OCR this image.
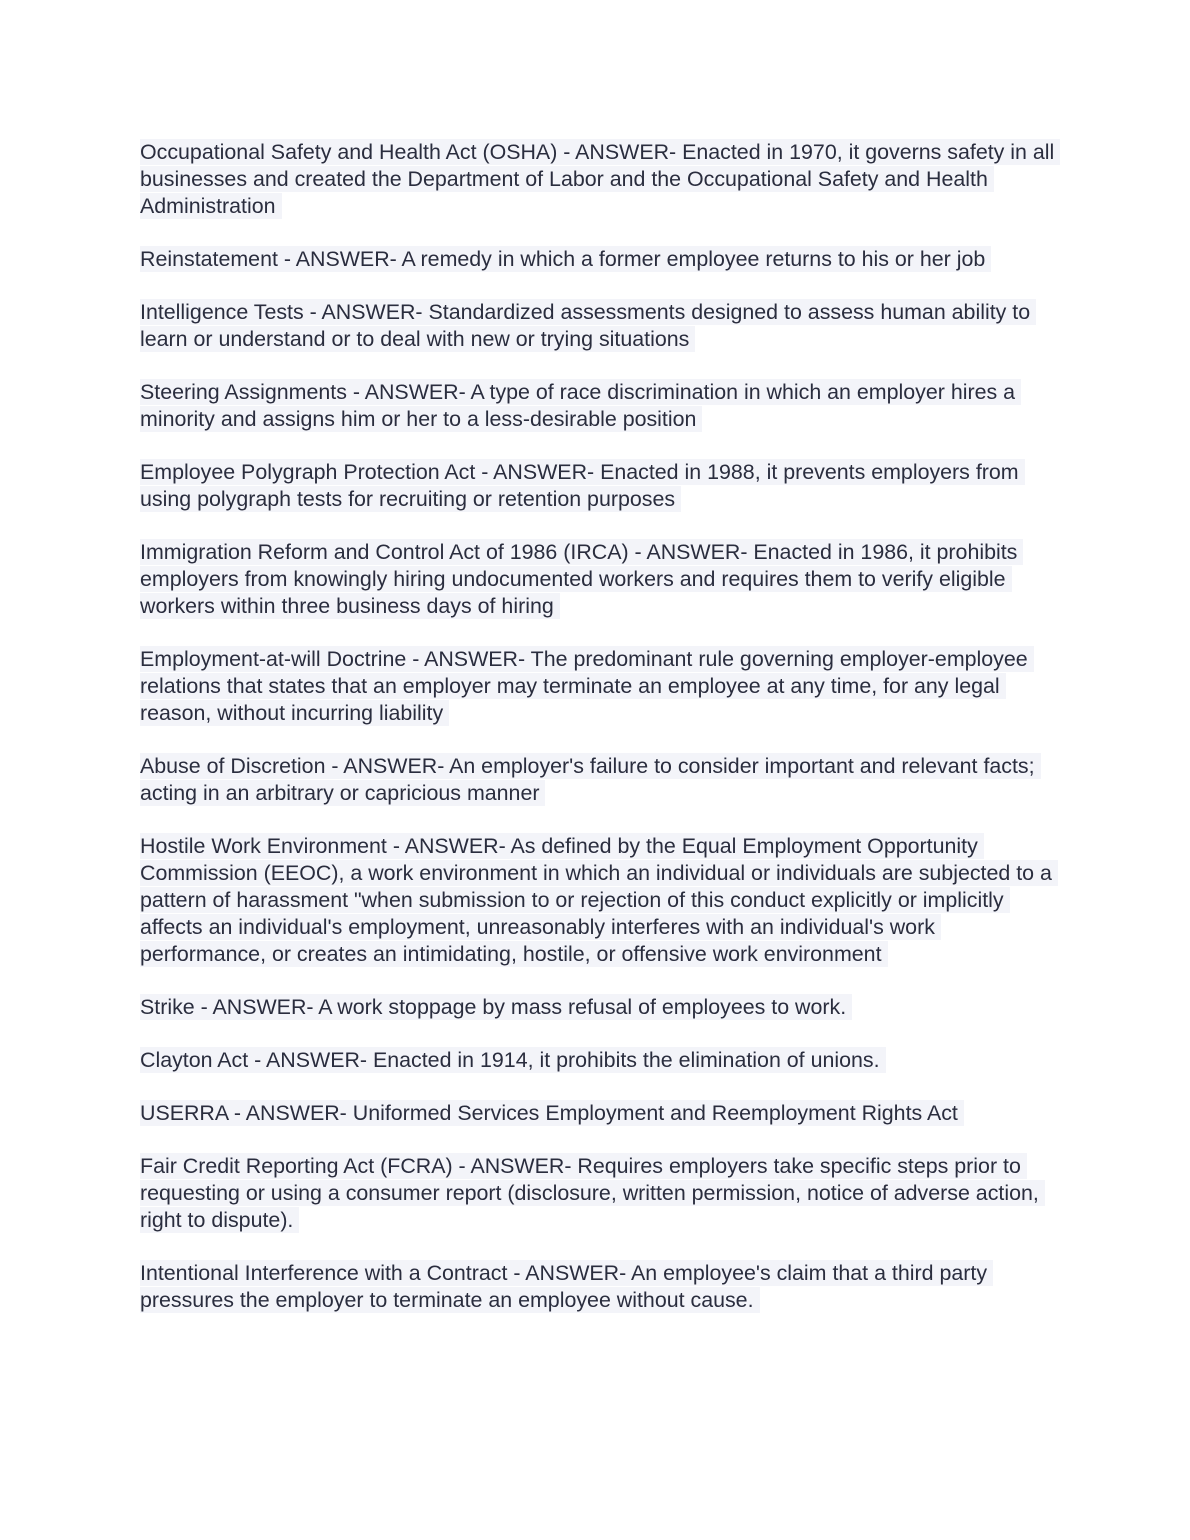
Occupational Safety and Health Act (OSHA) - ANSWER- Enacted in 1970, it governs safety in all businesses and created the Department of Labor and the Occupational Safety and Health Administration

Reinstatement - ANSWER- A remedy in which a former employee returns to his or her job

Intelligence Tests - ANSWER- Standardized assessments designed to assess human ability to learn or understand or to deal with new or trying situations

Steering Assignments - ANSWER- A type of race discrimination in which an employer hires a minority and assigns him or her to a less-desirable position

Employee Polygraph Protection Act - ANSWER- Enacted in 1988, it prevents employers from using polygraph tests for recruiting or retention purposes

Immigration Reform and Control Act of 1986 (IRCA) - ANSWER- Enacted in 1986, it prohibits employers from knowingly hiring undocumented workers and requires them to verify eligible workers within three business days of hiring

Employment-at-will Doctrine - ANSWER- The predominant rule governing employer-employee relations that states that an employer may terminate an employee at any time, for any legal reason, without incurring liability

Abuse of Discretion - ANSWER- An employer's failure to consider important and relevant facts; acting in an arbitrary or capricious manner

Hostile Work Environment - ANSWER- As defined by the Equal Employment Opportunity Commission (EEOC), a work environment in which an individual or individuals are subjected to a pattern of harassment "when submission to or rejection of this conduct explicitly or implicitly affects an individual's employment, unreasonably interferes with an individual's work performance, or creates an intimidating, hostile, or offensive work environment

Strike - ANSWER- A work stoppage by mass refusal of employees to work.

Clayton Act - ANSWER- Enacted in 1914, it prohibits the elimination of unions.

USERRA - ANSWER- Uniformed Services Employment and Reemployment Rights Act

Fair Credit Reporting Act (FCRA) - ANSWER- Requires employers take specific steps prior to requesting or using a consumer report (disclosure, written permission, notice of adverse action, right to dispute).

Intentional Interference with a Contract - ANSWER- An employee's claim that a third party pressures the employer to terminate an employee without cause.
